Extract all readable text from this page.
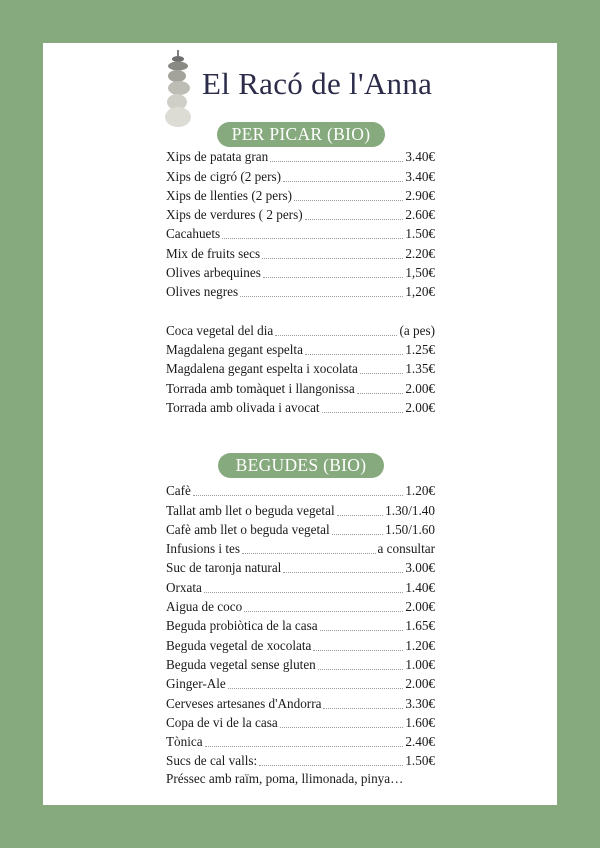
El Racó de l'Anna
PER PICAR (BIO)
Xips de patata gran	3.40€
Xips de cigró (2 pers)	3.40€
Xips de llenties (2 pers)	2.90€
Xips de verdures ( 2 pers)	2.60€
Cacahuets	1.50€
Mix de fruits secs	2.20€
Olives arbequines	1,50€
Olives negres	1,20€
Coca vegetal del dia	(a pes)
Magdalena gegant espelta	1.25€
Magdalena gegant espelta i xocolata	1.35€
Torrada amb tomàquet i llangonissa	2.00€
Torrada amb olivada i avocat	2.00€
BEGUDES (BIO)
Cafè	1.20€
Tallat amb llet o beguda vegetal	1.30/1.40
Cafè amb llet o beguda vegetal	1.50/1.60
Infusions i tes	a consultar
Suc de taronja natural	3.00€
Orxata	1.40€
Aigua de coco	2.00€
Beguda probiòtica de la casa	1.65€
Beguda vegetal de xocolata	1.20€
Beguda vegetal sense gluten	1.00€
Ginger-Ale	2.00€
Cerveses artesanes d'Andorra	3.30€
Copa de vi de la casa	1.60€
Tònica	2.40€
Sucs de cal valls:	1.50€
Préssec amb raïm, poma, llimonada, pinya…
